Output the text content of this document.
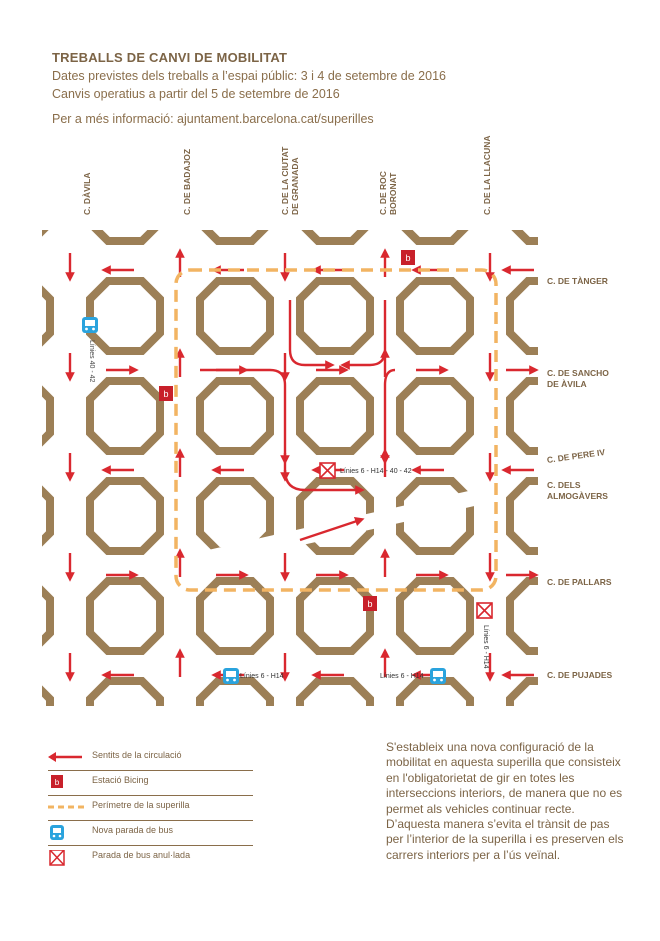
TREBALLS DE CANVI DE MOBILITAT
Dates previstes dels treballs a l’espai públic: 3 i 4 de setembre de 2016
Canvis operatius a partir del 5 de setembre de 2016
Per a més informació: ajuntament.barcelona.cat/superilles
C. DÀVILA	C. DE BADAJOZ	C. DE LA CIUTAT
DE GRANADA
C. DE ROC
BORONAT	C. DE LA LLACUNA
C. DE TÀNGER
C. DE SANCHO
DE ÀVILA
C. DE PERE IV
C. DELS
ALMOGÀVERS
C. DE PALLARS
C. DE PUJADES
b
b
b
Línies 40 - 42
Línies 6 - H14 - 40 - 42
Línies 6 - H14
Línies 6 - H14	Línies 6 - H14
Sentits de la circulació
b	Estació Bicing
Perímetre de la superilla
Nova parada de bus
Parada de bus anul·lada
S'estableix una nova configuració de la mobilitat en aquesta superilla que consisteix en l'obligatorietat de gir en totes les interseccions interiors, de manera que no es permet als vehicles continuar recte. D’aquesta manera s’evita el trànsit de pas per l’interior de la superilla i es preserven els carrers interiors per a l’ús veïnal.
